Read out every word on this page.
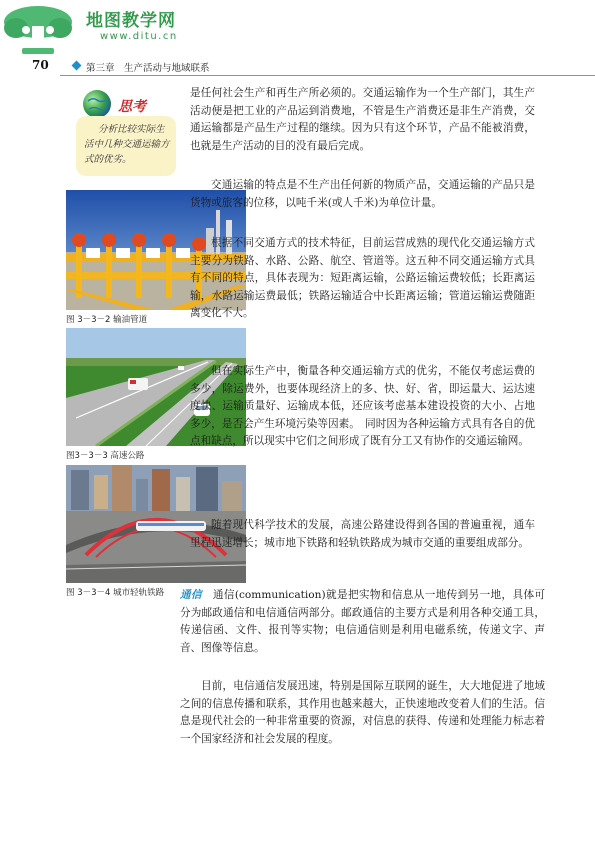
地图教学网
www.ditu.cn
70	第三章　生产活动与地域联系
思考
分析比较实际生活中几种交通运输方式的优劣。
图 3－3－2 输油管道
图3－3－3 高速公路
图 3－3－4 城市轻轨铁路
是任何社会生产和再生产所必须的。交通运输作为一个生产部门，其生产活动便是把工业的产品运到消费地，不管是生产消费还是非生产消费，交通运输都是产品生产过程的继续。因为只有这个环节，产品不能被消费，也就是生产活动的目的没有最后完成。
交通运输的特点是不生产出任何新的物质产品，交通运输的产品只是货物或旅客的位移，以吨千米(或人千米)为单位计量。
根据不同交通方式的技术特征，目前运营成熟的现代化交通运输方式主要分为铁路、水路、公路、航空、管道等。这五种不同交通运输方式具有不同的特点，具体表现为：短距离运输，公路运输运费较低；长距离运输，水路运输运费最低；铁路运输适合中长距离运输；管道运输运费随距离变化不大。
但在实际生产中，衡量各种交通运输方式的优劣，不能仅考虑运费的多少，除运费外，也要体现经济上的多、快、好、省，即运量大、运达速度快、运输质量好、运输成本低，还应该考虑基本建设投资的大小、占地多少，是否会产生环境污染等因素。　同时因为各种运输方式具有各自的优点和缺点，所以现实中它们之间形成了既有分工又有协作的交通运输网。
随着现代科学技术的发展，高速公路建设得到各国的普遍重视，通车里程迅速增长；城市地下铁路和轻轨铁路成为城市交通的重要组成部分。
通信　通信(communication)就是把实物和信息从一地传到另一地，具体可分为邮政通信和电信通信两部分。邮政通信的主要方式是利用各种交通工具，传递信函、文件、报刊等实物；电信通信则是利用电磁系统，传递文字、声音、图像等信息。
目前，电信通信发展迅速，特别是国际互联网的诞生，大大地促进了地域之间的信息传播和联系，其作用也越来越大，正快速地改变着人们的生活。信息是现代社会的一种非常重要的资源，对信息的获得、传递和处理能力标志着一个国家经济和社会发展的程度。
